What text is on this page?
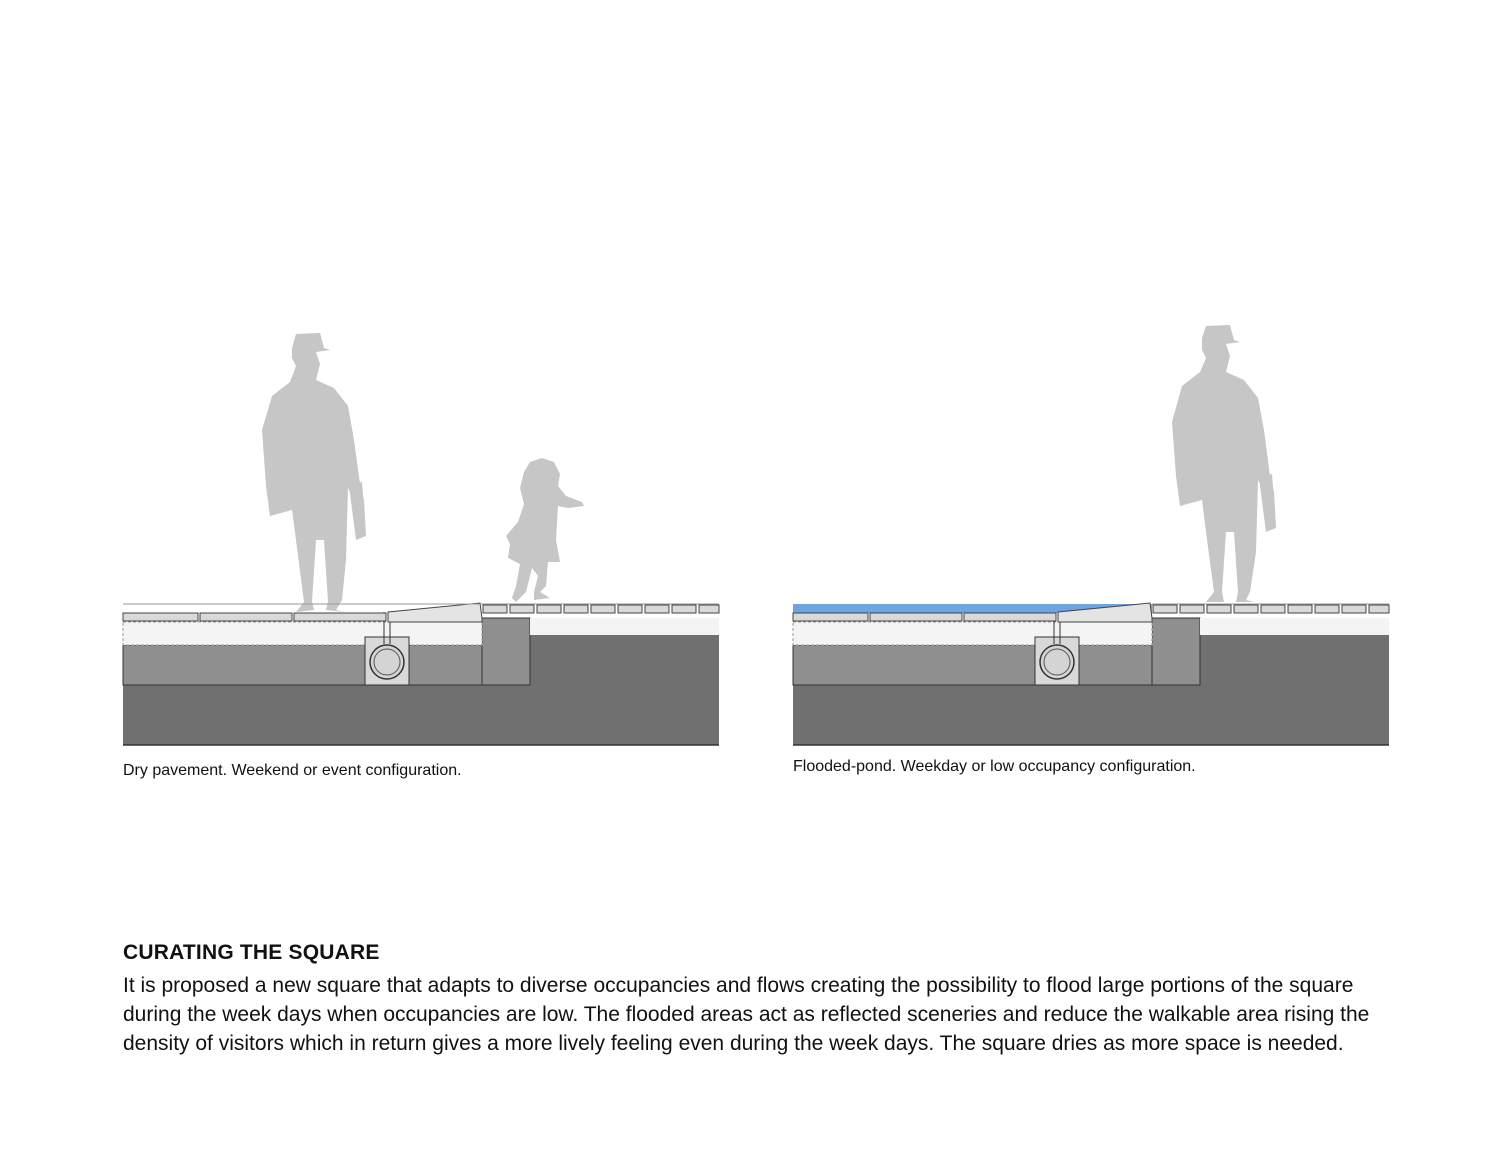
Dry pavement. Weekend or event configuration.	Flooded-pond. Weekday or low occupancy configuration.
CURATING THE SQUARE

It is proposed a new square that adapts to diverse occupancies and flows creating the possibility to flood large portions of the square during the week days when occupancies are low. The flooded areas act as reflected sceneries and reduce the walkable area rising the density of visitors which in return gives a more lively feeling even during the week days. The square dries as more space is needed.
